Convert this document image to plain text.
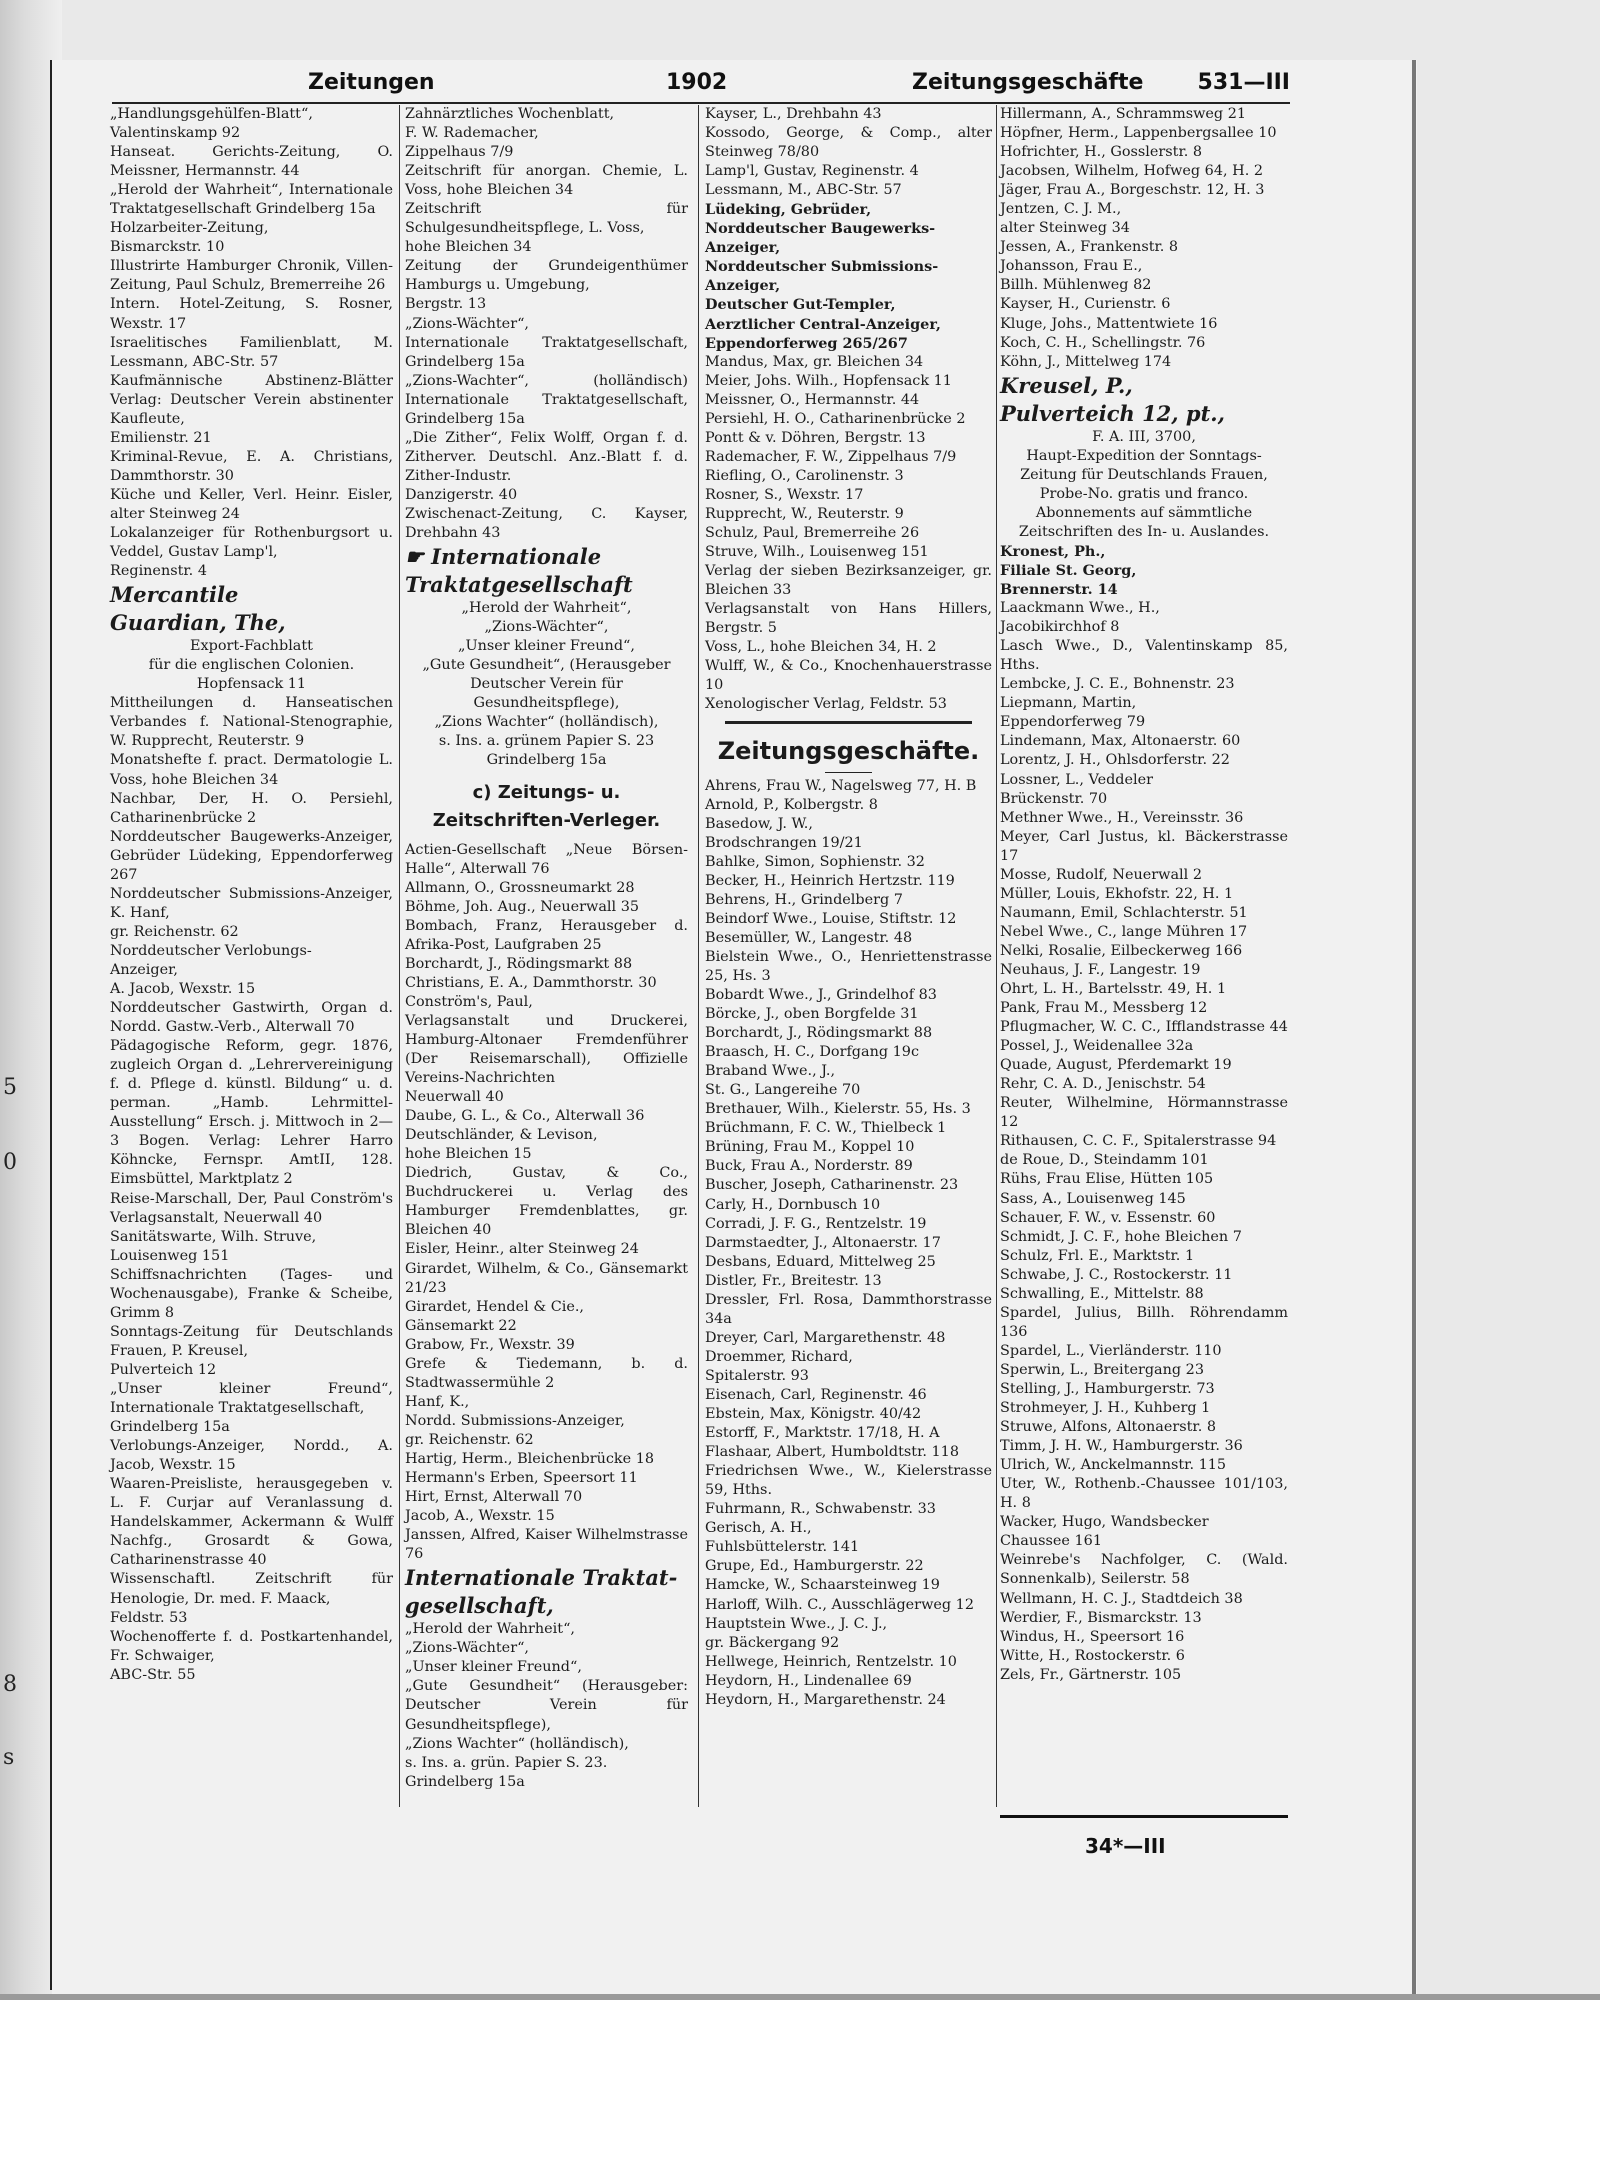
5
0
8
s
Zeitungen	1902	Zeitungsgeschäfte 531—III
„Handlungsgehülfen-Blatt“,
Valentinskamp 92
Hanseat. Gerichts-Zeitung, O. Meissner, Hermannstr. 44
„Herold der Wahrheit“, Internationale Traktatgesellschaft Grindelberg 15a
Holzarbeiter-Zeitung,
Bismarckstr. 10
Illustrirte Hamburger Chronik, Villen-Zeitung, Paul Schulz, Bremerreihe 26
Intern. Hotel-Zeitung, S. Rosner, Wexstr. 17
Israelitisches Familienblatt, M. Lessmann, ABC-Str. 57
Kaufmännische Abstinenz-Blätter Verlag: Deutscher Verein abstinenter Kaufleute,
Emilienstr. 21
Kriminal-Revue, E. A. Christians, Dammthorstr. 30
Küche und Keller, Verl. Heinr. Eisler, alter Steinweg 24
Lokalanzeiger für Rothenburgsort u. Veddel, Gustav Lamp'l,
Reginenstr. 4
Mercantile
Guardian, The,
Export-Fachblatt
für die englischen Colonien.
Hopfensack 11
Mittheilungen d. Hanseatischen Verbandes f. National-Stenographie, W. Rupprecht, Reuterstr. 9
Monatshefte f. pract. Dermatologie L. Voss, hohe Bleichen 34
Nachbar, Der, H. O. Persiehl, Catharinenbrücke 2
Norddeutscher Baugewerks-Anzeiger, Gebrüder Lüdeking, Eppendorferweg 267
Norddeutscher Submissions-Anzeiger, K. Hanf,
gr. Reichenstr. 62
Norddeutscher Verlobungs-
Anzeiger,
A. Jacob, Wexstr. 15
Norddeutscher Gastwirth, Organ d. Nordd. Gastw.-Verb., Alterwall 70
Pädagogische Reform, gegr. 1876, zugleich Organ d. „Lehrervereinigung f. d. Pflege d. künstl. Bildung“ u. d. perman. „Hamb. Lehrmittel-Ausstellung“ Ersch. j. Mittwoch in 2—3 Bogen. Verlag: Lehrer Harro Köhncke, Fernspr. AmtII, 128. Eimsbüttel, Marktplatz 2
Reise-Marschall, Der, Paul Conström's Verlagsanstalt, Neuerwall 40
Sanitätswarte, Wilh. Struve,
Louisenweg 151
Schiffsnachrichten (Tages- und Wochenausgabe), Franke & Scheibe, Grimm 8
Sonntags-Zeitung für Deutschlands Frauen, P. Kreusel,
Pulverteich 12
„Unser kleiner Freund“, Internationale Traktatgesellschaft,
Grindelberg 15a
Verlobungs-Anzeiger, Nordd., A. Jacob, Wexstr. 15
Waaren-Preisliste, herausgegeben v. L. F. Curjar auf Veranlassung d. Handelskammer, Ackermann & Wulff Nachfg., Grosardt & Gowa, Catharinenstrasse 40
Wissenschaftl. Zeitschrift für Henologie, Dr. med. F. Maack,
Feldstr. 53
Wochenofferte f. d. Postkartenhandel, Fr. Schwaiger,
ABC-Str. 55
Zahnärztliches Wochenblatt,
F. W. Rademacher,
Zippelhaus 7/9
Zeitschrift für anorgan. Chemie, L. Voss, hohe Bleichen 34
Zeitschrift für Schulgesundheitspflege, L. Voss,
hohe Bleichen 34
Zeitung der Grundeigenthümer Hamburgs u. Umgebung,
Bergstr. 13
„Zions-Wächter“,
Internationale Traktatgesellschaft, Grindelberg 15a
„Zions-Wachter“, (holländisch) Internationale Traktatgesellschaft, Grindelberg 15a
„Die Zither“, Felix Wolff, Organ f. d. Zitherver. Deutschl. Anz.-Blatt f. d. Zither-Industr.
Danzigerstr. 40
Zwischenact-Zeitung, C. Kayser, Drehbahn 43
☛ Internationale
Traktatgesellschaft
„Herold der Wahrheit“,
„Zions-Wächter“,
„Unser kleiner Freund“,
„Gute Gesundheit“, (Herausgeber Deutscher Verein für Gesundheitspflege),
„Zions Wachter“ (holländisch),
s. Ins. a. grünem Papier S. 23
Grindelberg 15a
c) Zeitungs- u.
Zeitschriften-Verleger.
Actien-Gesellschaft „Neue Börsen-Halle“, Alterwall 76
Allmann, O., Grossneumarkt 28
Böhme, Joh. Aug., Neuerwall 35
Bombach, Franz, Herausgeber d. Afrika-Post, Laufgraben 25
Borchardt, J., Rödingsmarkt 88
Christians, E. A., Dammthorstr. 30
Conström's, Paul,
Verlagsanstalt und Druckerei, Hamburg-Altonaer Fremdenführer (Der Reisemarschall), Offizielle Vereins-Nachrichten
Neuerwall 40
Daube, G. L., & Co., Alterwall 36
Deutschländer, & Levison,
hohe Bleichen 15
Diedrich, Gustav, & Co., Buchdruckerei u. Verlag des Hamburger Fremdenblattes, gr. Bleichen 40
Eisler, Heinr., alter Steinweg 24
Girardet, Wilhelm, & Co., Gänsemarkt 21/23
Girardet, Hendel & Cie.,
Gänsemarkt 22
Grabow, Fr., Wexstr. 39
Grefe & Tiedemann, b. d. Stadtwassermühle 2
Hanf, K.,
Nordd. Submissions-Anzeiger,
gr. Reichenstr. 62
Hartig, Herm., Bleichenbrücke 18
Hermann's Erben, Speersort 11
Hirt, Ernst, Alterwall 70
Jacob, A., Wexstr. 15
Janssen, Alfred, Kaiser Wilhelmstrasse 76
Internationale Traktat-
gesellschaft,
„Herold der Wahrheit“,
„Zions-Wächter“,
„Unser kleiner Freund“,
„Gute Gesundheit“ (Herausgeber: Deutscher Verein für Gesundheitspflege),
„Zions Wachter“ (holländisch),
s. Ins. a. grün. Papier S. 23.
Grindelberg 15a
Kayser, L., Drehbahn 43
Kossodo, George, & Comp., alter Steinweg 78/80
Lamp'l, Gustav, Reginenstr. 4
Lessmann, M., ABC-Str. 57
Lüdeking, Gebrüder,
Norddeutscher Baugewerks-
Anzeiger,
Norddeutscher Submissions-
Anzeiger,
Deutscher Gut-Templer,
Aerztlicher Central-Anzeiger,
Eppendorferweg 265/267
Mandus, Max, gr. Bleichen 34
Meier, Johs. Wilh., Hopfensack 11
Meissner, O., Hermannstr. 44
Persiehl, H. O., Catharinenbrücke 2
Pontt & v. Döhren, Bergstr. 13
Rademacher, F. W., Zippelhaus 7/9
Riefling, O., Carolinenstr. 3
Rosner, S., Wexstr. 17
Rupprecht, W., Reuterstr. 9
Schulz, Paul, Bremerreihe 26
Struve, Wilh., Louisenweg 151
Verlag der sieben Bezirksanzeiger, gr. Bleichen 33
Verlagsanstalt von Hans Hillers, Bergstr. 5
Voss, L., hohe Bleichen 34, H. 2
Wulff, W., & Co., Knochenhauerstrasse 10
Xenologischer Verlag, Feldstr. 53
Zeitungsgeschäfte.
Ahrens, Frau W., Nagelsweg 77, H. B
Arnold, P., Kolbergstr. 8
Basedow, J. W.,
Brodschrangen 19/21
Bahlke, Simon, Sophienstr. 32
Becker, H., Heinrich Hertzstr. 119
Behrens, H., Grindelberg 7
Beindorf Wwe., Louise, Stiftstr. 12
Besemüller, W., Langestr. 48
Bielstein Wwe., O., Henriettenstrasse 25, Hs. 3
Bobardt Wwe., J., Grindelhof 83
Börcke, J., oben Borgfelde 31
Borchardt, J., Rödingsmarkt 88
Braasch, H. C., Dorfgang 19c
Braband Wwe., J.,
St. G., Langereihe 70
Brethauer, Wilh., Kielerstr. 55, Hs. 3
Brüchmann, F. C. W., Thielbeck 1
Brüning, Frau M., Koppel 10
Buck, Frau A., Norderstr. 89
Buscher, Joseph, Catharinenstr. 23
Carly, H., Dornbusch 10
Corradi, J. F. G., Rentzelstr. 19
Darmstaedter, J., Altonaerstr. 17
Desbans, Eduard, Mittelweg 25
Distler, Fr., Breitestr. 13
Dressler, Frl. Rosa, Dammthorstrasse 34a
Dreyer, Carl, Margarethenstr. 48
Droemmer, Richard,
Spitalerstr. 93
Eisenach, Carl, Reginenstr. 46
Ebstein, Max, Königstr. 40/42
Estorff, F., Marktstr. 17/18, H. A
Flashaar, Albert, Humboldtstr. 118
Friedrichsen Wwe., W., Kielerstrasse 59, Hths.
Fuhrmann, R., Schwabenstr. 33
Gerisch, A. H.,
Fuhlsbüttelerstr. 141
Grupe, Ed., Hamburgerstr. 22
Hamcke, W., Schaarsteinweg 19
Harloff, Wilh. C., Ausschlägerweg 12
Hauptstein Wwe., J. C. J.,
gr. Bäckergang 92
Hellwege, Heinrich, Rentzelstr. 10
Heydorn, H., Lindenallee 69
Heydorn, H., Margarethenstr. 24
Hillermann, A., Schrammsweg 21
Höpfner, Herm., Lappenbergsallee 10
Hofrichter, H., Gosslerstr. 8
Jacobsen, Wilhelm, Hofweg 64, H. 2
Jäger, Frau A., Borgeschstr. 12, H. 3
Jentzen, C. J. M.,
alter Steinweg 34
Jessen, A., Frankenstr. 8
Johansson, Frau E.,
Billh. Mühlenweg 82
Kayser, H., Curienstr. 6
Kluge, Johs., Mattentwiete 16
Koch, C. H., Schellingstr. 76
Köhn, J., Mittelweg 174
Kreusel, P.,
Pulverteich 12, pt.,
F. A. III, 3700,
Haupt-Expedition der Sonntags-Zeitung für Deutschlands Frauen, Probe-No. gratis und franco.
Abonnements auf sämmtliche Zeitschriften des In- u. Auslandes.
Kronest, Ph.,
Filiale St. Georg,
Brennerstr. 14
Laackmann Wwe., H.,
Jacobikirchhof 8
Lasch Wwe., D., Valentinskamp 85, Hths.
Lembcke, J. C. E., Bohnenstr. 23
Liepmann, Martin,
Eppendorferweg 79
Lindemann, Max, Altonaerstr. 60
Lorentz, J. H., Ohlsdorferstr. 22
Lossner, L., Veddeler
Brückenstr. 70
Methner Wwe., H., Vereinsstr. 36
Meyer, Carl Justus, kl. Bäckerstrasse 17
Mosse, Rudolf, Neuerwall 2
Müller, Louis, Ekhofstr. 22, H. 1
Naumann, Emil, Schlachterstr. 51
Nebel Wwe., C., lange Mühren 17
Nelki, Rosalie, Eilbeckerweg 166
Neuhaus, J. F., Langestr. 19
Ohrt, L. H., Bartelsstr. 49, H. 1
Pank, Frau M., Messberg 12
Pflugmacher, W. C. C., Ifflandstrasse 44
Possel, J., Weidenallee 32a
Quade, August, Pferdemarkt 19
Rehr, C. A. D., Jenischstr. 54
Reuter, Wilhelmine, Hörmannstrasse 12
Rithausen, C. C. F., Spitalerstrasse 94
de Roue, D., Steindamm 101
Rühs, Frau Elise, Hütten 105
Sass, A., Louisenweg 145
Schauer, F. W., v. Essenstr. 60
Schmidt, J. C. F., hohe Bleichen 7
Schulz, Frl. E., Marktstr. 1
Schwabe, J. C., Rostockerstr. 11
Schwalling, E., Mittelstr. 88
Spardel, Julius, Billh. Röhrendamm 136
Spardel, L., Vierländerstr. 110
Sperwin, L., Breitergang 23
Stelling, J., Hamburgerstr. 73
Strohmeyer, J. H., Kuhberg 1
Struwe, Alfons, Altonaerstr. 8
Timm, J. H. W., Hamburgerstr. 36
Ulrich, W., Anckelmannstr. 115
Uter, W., Rothenb.-Chaussee 101/103, H. 8
Wacker, Hugo, Wandsbecker
Chaussee 161
Weinrebe's Nachfolger, C. (Wald. Sonnenkalb), Seilerstr. 58
Wellmann, H. C. J., Stadtdeich 38
Werdier, F., Bismarckstr. 13
Windus, H., Speersort 16
Witte, H., Rostockerstr. 6
Zels, Fr., Gärtnerstr. 105
34*—III
